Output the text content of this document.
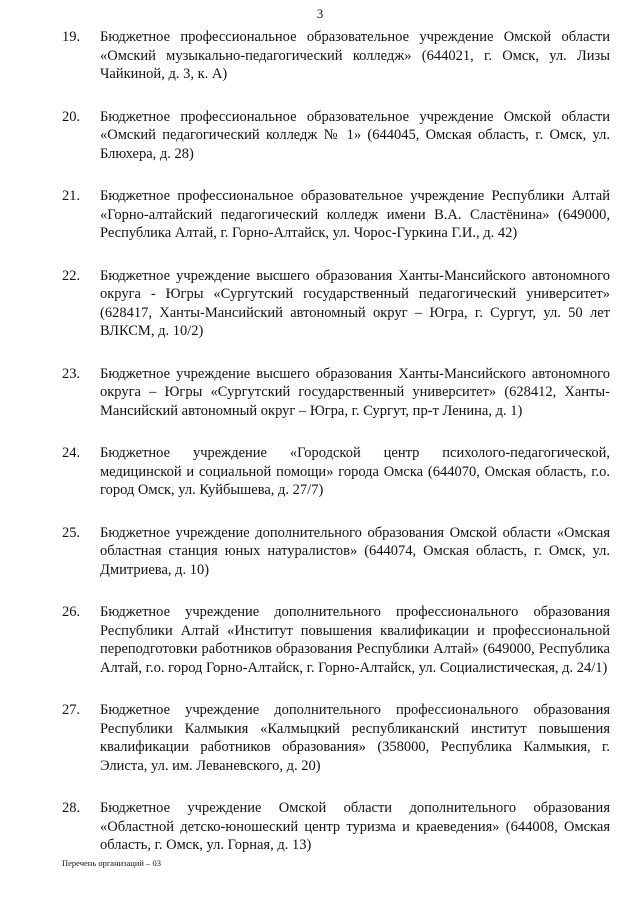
3
19.	Бюджетное профессиональное образовательное учреждение Омской области «Омский музыкально-педагогический колледж» (644021, г. Омск, ул. Лизы Чайкиной, д. 3, к. А)
20.	Бюджетное профессиональное образовательное учреждение Омской области «Омский педагогический колледж № 1» (644045, Омская область, г. Омск, ул. Блюхера, д. 28)
21.	Бюджетное профессиональное образовательное учреждение Республики Алтай «Горно-алтайский педагогический колледж имени В.А. Сластёнина» (649000, Республика Алтай, г. Горно-Алтайск, ул. Чорос-Гуркина Г.И., д. 42)
22.	Бюджетное учреждение высшего образования Ханты-Мансийского автономного округа - Югры «Сургутский государственный педагогический университет» (628417, Ханты-Мансийский автономный округ – Югра, г. Сургут, ул. 50 лет ВЛКСМ, д. 10/2)
23.	Бюджетное учреждение высшего образования Ханты-Мансийского автономного округа – Югры «Сургутский государственный университет» (628412, Ханты-Мансийский автономный округ – Югра, г. Сургут, пр-т Ленина, д. 1)
24.	Бюджетное учреждение «Городской центр психолого-педагогической, медицинской и социальной помощи» города Омска (644070, Омская область, г.о. город Омск, ул. Куйбышева, д. 27/7)
25.	Бюджетное учреждение дополнительного образования Омской области «Омская областная станция юных натуралистов» (644074, Омская область, г. Омск, ул. Дмитриева, д. 10)
26.	Бюджетное учреждение дополнительного профессионального образования Республики Алтай «Институт повышения квалификации и профессиональной переподготовки работников образования Республики Алтай» (649000, Республика Алтай, г.о. город Горно-Алтайск, г. Горно-Алтайск, ул. Социалистическая, д. 24/1)
27.	Бюджетное учреждение дополнительного профессионального образования Республики Калмыкия «Калмыцкий республиканский институт повышения квалификации работников образования» (358000, Республика Калмыкия, г. Элиста, ул. им. Леваневского, д. 20)
28.	Бюджетное учреждение Омской области дополнительного образования «Областной детско-юношеский центр туризма и краеведения» (644008, Омская область, г. Омск, ул. Горная, д. 13)
Перечень организаций – 03
